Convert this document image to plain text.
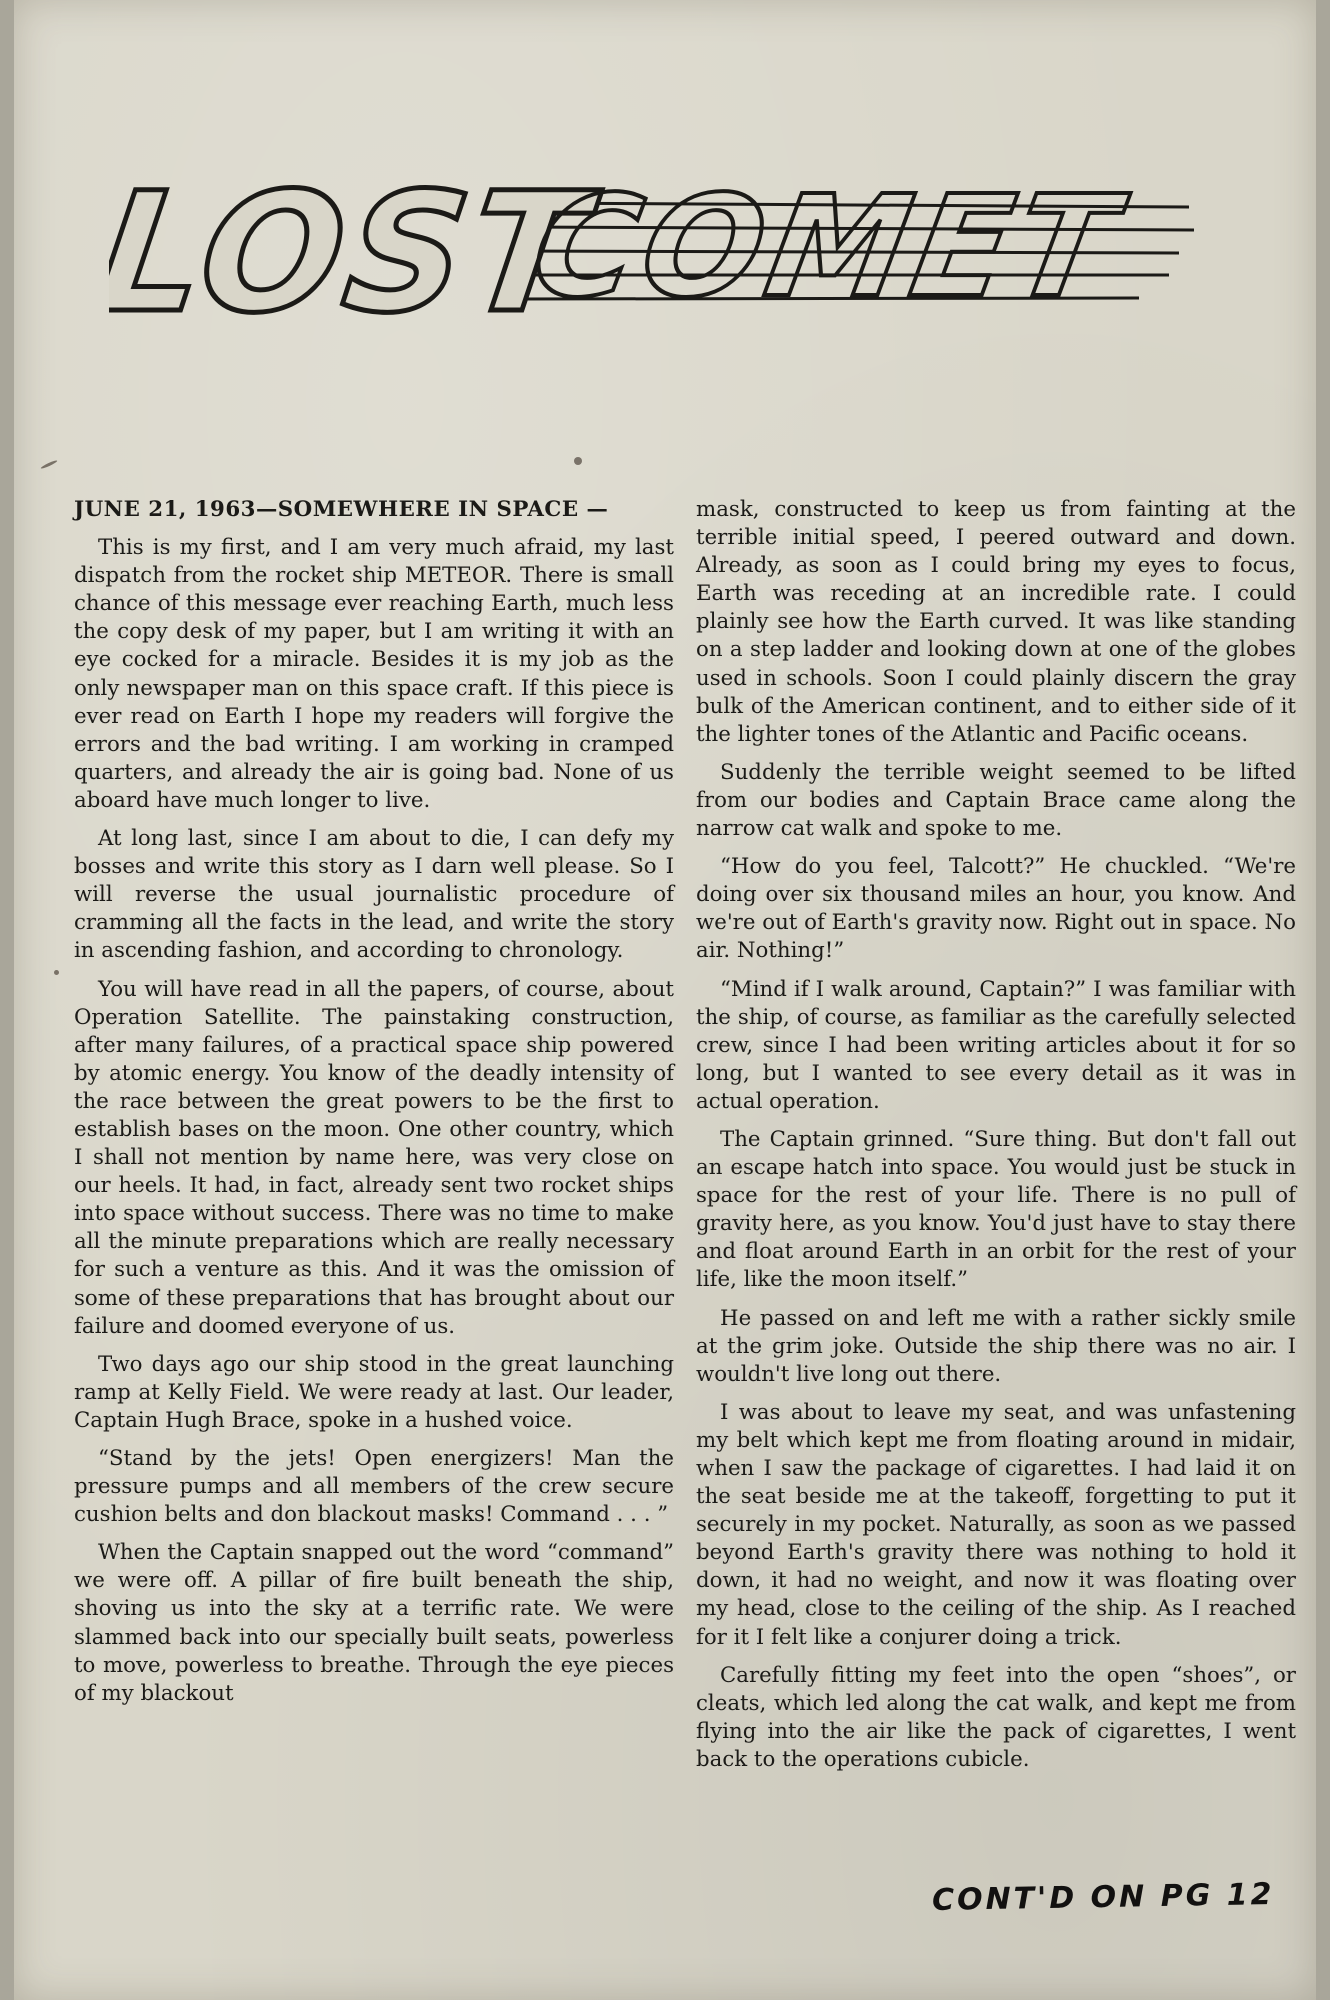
LOST
COMET

JUNE 21, 1963—SOMEWHERE IN SPACE —

This is my first, and I am very much afraid, my last dispatch from the rocket ship METEOR. There is small chance of this message ever reaching Earth, much less the copy desk of my paper, but I am writing it with an eye cocked for a miracle. Besides it is my job as the only newspaper man on this space craft. If this piece is ever read on Earth I hope my readers will forgive the errors and the bad writing. I am working in cramped quarters, and already the air is going bad. None of us aboard have much longer to live.

At long last, since I am about to die, I can defy my bosses and write this story as I darn well please. So I will reverse the usual journalistic procedure of cramming all the facts in the lead, and write the story in ascending fashion, and according to chronology.

You will have read in all the papers, of course, about Operation Satellite. The painstaking construction, after many failures, of a practical space ship powered by atomic energy. You know of the deadly intensity of the race between the great powers to be the first to establish bases on the moon. One other country, which I shall not mention by name here, was very close on our heels. It had, in fact, already sent two rocket ships into space without success. There was no time to make all the minute preparations which are really necessary for such a venture as this. And it was the omission of some of these preparations that has brought about our failure and doomed everyone of us.

Two days ago our ship stood in the great launching ramp at Kelly Field. We were ready at last. Our leader, Captain Hugh Brace, spoke in a hushed voice.

“Stand by the jets! Open energizers! Man the pressure pumps and all members of the crew secure cushion belts and don blackout masks! Command . . . ”

When the Captain snapped out the word “command” we were off. A pillar of fire built beneath the ship, shoving us into the sky at a terrific rate. We were slammed back into our specially built seats, powerless to move, powerless to breathe. Through the eye pieces of my blackout

mask, constructed to keep us from fainting at the terrible initial speed, I peered outward and down. Already, as soon as I could bring my eyes to focus, Earth was receding at an incredible rate. I could plainly see how the Earth curved. It was like standing on a step ladder and looking down at one of the globes used in schools. Soon I could plainly discern the gray bulk of the American continent, and to either side of it the lighter tones of the Atlantic and Pacific oceans.

Suddenly the terrible weight seemed to be lifted from our bodies and Captain Brace came along the narrow cat walk and spoke to me.

“How do you feel, Talcott?” He chuckled. “We're doing over six thousand miles an hour, you know. And we're out of Earth's gravity now. Right out in space. No air. Nothing!”

“Mind if I walk around, Captain?” I was familiar with the ship, of course, as familiar as the carefully selected crew, since I had been writing articles about it for so long, but I wanted to see every detail as it was in actual operation.

The Captain grinned. “Sure thing. But don't fall out an escape hatch into space. You would just be stuck in space for the rest of your life. There is no pull of gravity here, as you know. You'd just have to stay there and float around Earth in an orbit for the rest of your life, like the moon itself.”

He passed on and left me with a rather sickly smile at the grim joke. Outside the ship there was no air. I wouldn't live long out there.

I was about to leave my seat, and was unfastening my belt which kept me from floating around in midair, when I saw the package of cigarettes. I had laid it on the seat beside me at the takeoff, forgetting to put it securely in my pocket. Naturally, as soon as we passed beyond Earth's gravity there was nothing to hold it down, it had no weight, and now it was floating over my head, close to the ceiling of the ship. As I reached for it I felt like a conjurer doing a trick.

Carefully fitting my feet into the open “shoes”, or cleats, which led along the cat walk, and kept me from flying into the air like the pack of cigarettes, I went back to the operations cubicle.

CONT'D ON PG 12
